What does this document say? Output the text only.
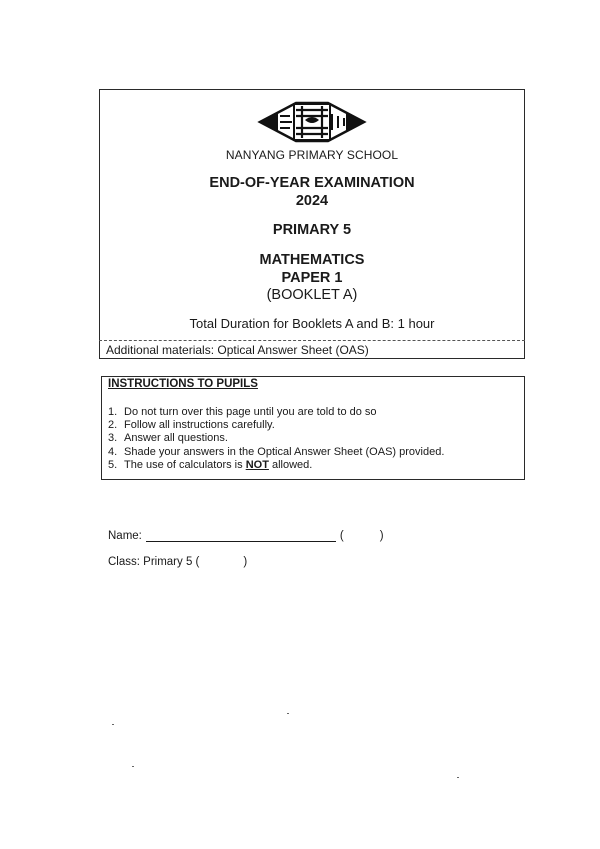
NANYANG PRIMARY SCHOOL
END-OF-YEAR EXAMINATION
2024
PRIMARY 5
MATHEMATICS
PAPER 1
(BOOKLET A)
Total Duration for Booklets A and B: 1 hour
Additional materials: Optical Answer Sheet (OAS)
INSTRUCTIONS TO PUPILS
1. Do not turn over this page until you are told to do so
2. Follow all instructions carefully.
3. Answer all questions.
4. Shade your answers in the Optical Answer Sheet (OAS) provided.
5. The use of calculators is NOT allowed.
Name:	(	)
Class: Primary 5 (	)
